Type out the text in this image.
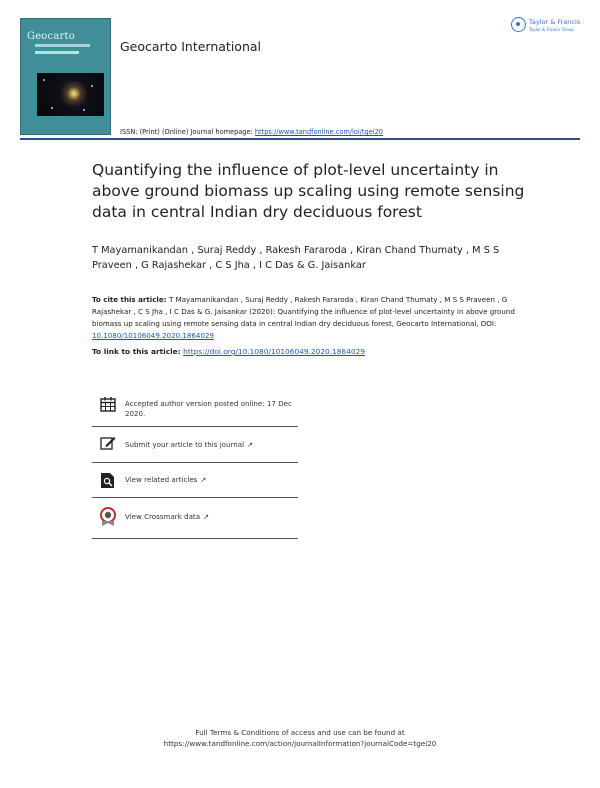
Geocarto
Geocarto International
Taylor & Francis
Taylor & Francis Group
ISSN: (Print) (Online) Journal homepage: https://www.tandfonline.com/loi/tgei20
Quantifying the influence of plot-level uncertainty in above ground biomass up scaling using remote sensing data in central Indian dry deciduous forest
T Mayamanikandan , Suraj Reddy , Rakesh Fararoda , Kiran Chand Thumaty , M S S Praveen , G Rajashekar , C S Jha , I C Das & G. Jaisankar
To cite this article: T Mayamanikandan , Suraj Reddy , Rakesh Fararoda , Kiran Chand Thumaty , M S S Praveen , G Rajashekar , C S Jha , I C Das & G. Jaisankar (2020): Quantifying the influence of plot-level uncertainty in above ground biomass up scaling using remote sensing data in central Indian dry deciduous forest, Geocarto International, DOI: 10.1080/10106049.2020.1864029
To link to this article: https://doi.org/10.1080/10106049.2020.1864029
Accepted author version posted online: 17 Dec 2020.
Submit your article to this journal ↗
View related articles ↗
View Crossmark data ↗
Full Terms & Conditions of access and use can be found at
https://www.tandfonline.com/action/journalInformation?journalCode=tgei20
